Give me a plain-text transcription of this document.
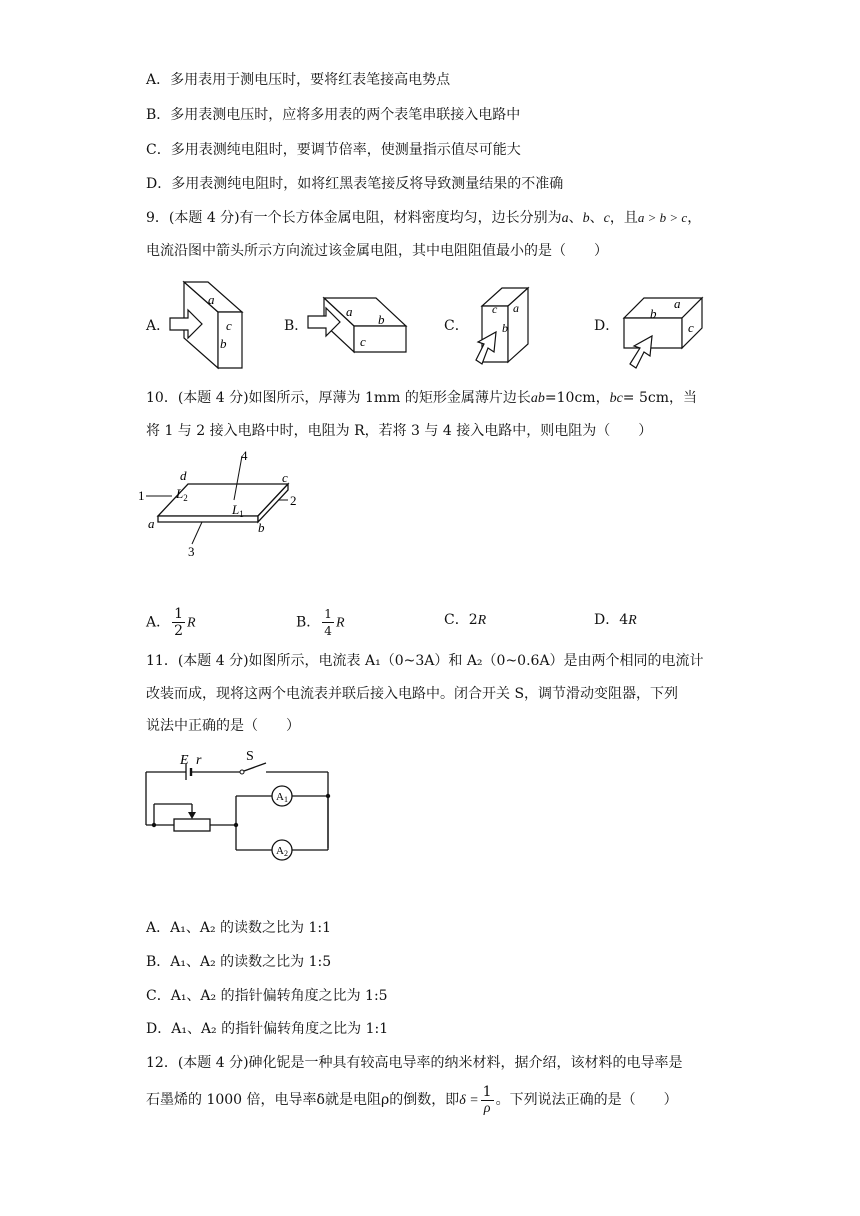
A．多用表用于测电压时，要将红表笔接高电势点
B．多用表测电压时，应将多用表的两个表笔串联接入电路中
C．多用表测纯电阻时，要调节倍率，使测量指示值尽可能大
D．多用表测纯电阻时，如将红黑表笔接反将导致测量结果的不准确
9．(本题 4 分)有一个长方体金属电阻，材料密度均匀，边长分别为a、b、c，且a > b > c，
电流沿图中箭头所示方向流过该金属电阻，其中电阻阻值最小的是（　　）
A．
a
c
b
B．
a
b
c
C．
c a
b	D．
a
b
c
10．(本题 4 分)如图所示，厚薄为 1mm 的矩形金属薄片边长ab=10cm，bc= 5cm，当
将 1 与 2 接入电路中时，电阻为 R，若将 3 与 4 接入电路中，则电阻为（　　）
4
2
1
3
d	c
a	b
$L_2$
$L_1$
A． $\frac{1}{2}$ R	B． $\frac{1}{4}$ R	C．2R	D．4R
11．(本题 4 分)如图所示，电流表 A₁（0~3A）和 A₂（0~0.6A）是由两个相同的电流计
改装而成，现将这两个电流表并联后接入电路中。闭合开关 S，调节滑动变阻器，下列
说法中正确的是（　　）
A1
A2
E r	S
A．A₁、A₂ 的读数之比为 1:1
B．A₁、A₂ 的读数之比为 1:5
C．A₁、A₂ 的指针偏转角度之比为 1:5
D．A₁、A₂ 的指针偏转角度之比为 1:1
12．(本题 4 分)砷化铌是一种具有较高电导率的纳米材料，据介绍，该材料的电导率是
石墨烯的 1000 倍，电导率δ就是电阻ρ的倒数，即$\delta = \frac{1}{\rho}$ 。下列说法正确的是（　　）
